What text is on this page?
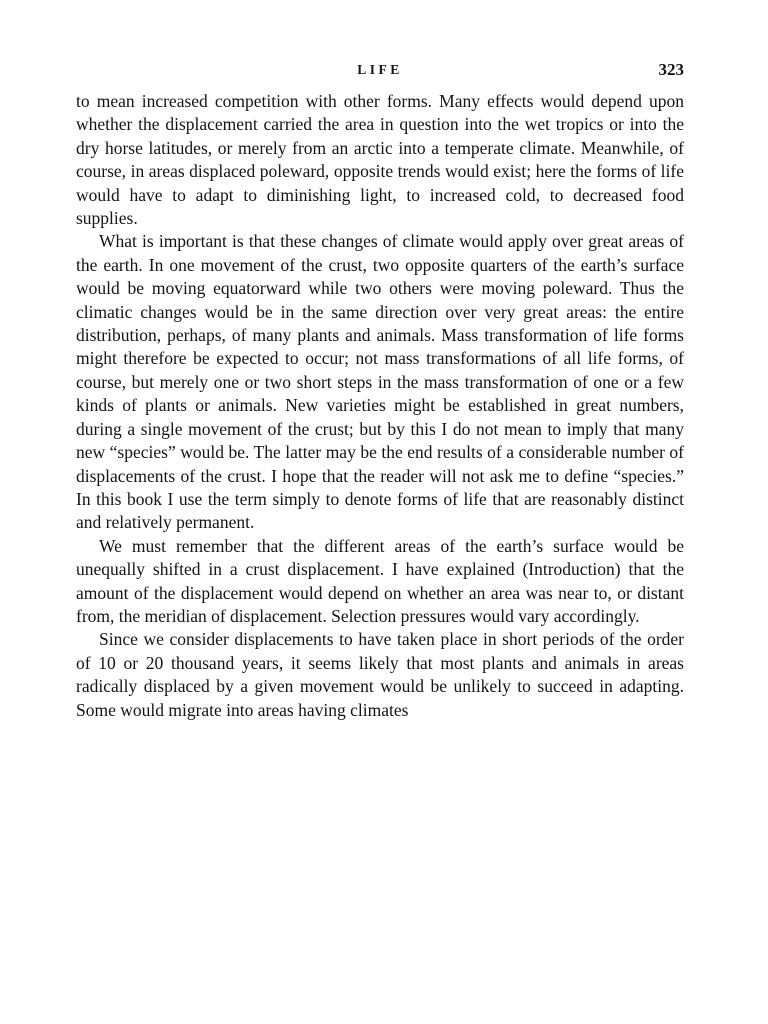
LIFE	323

to mean increased competition with other forms. Many effects would depend upon whether the displacement carried the area in question into the wet tropics or into the dry horse latitudes, or merely from an arctic into a temperate climate. Meanwhile, of course, in areas displaced poleward, opposite trends would exist; here the forms of life would have to adapt to diminishing light, to increased cold, to decreased food supplies.

What is important is that these changes of climate would apply over great areas of the earth. In one movement of the crust, two opposite quarters of the earth’s surface would be moving equatorward while two others were moving poleward. Thus the climatic changes would be in the same direction over very great areas: the entire distribution, perhaps, of many plants and animals. Mass transformation of life forms might therefore be expected to occur; not mass transformations of all life forms, of course, but merely one or two short steps in the mass transformation of one or a few kinds of plants or animals. New varieties might be established in great numbers, during a single movement of the crust; but by this I do not mean to imply that many new “species” would be. The latter may be the end results of a considerable number of displacements of the crust. I hope that the reader will not ask me to define “species.” In this book I use the term simply to denote forms of life that are reasonably distinct and relatively permanent.

We must remember that the different areas of the earth’s surface would be unequally shifted in a crust displacement. I have explained (Introduction) that the amount of the displacement would depend on whether an area was near to, or distant from, the meridian of displacement. Selection pressures would vary accordingly.

Since we consider displacements to have taken place in short periods of the order of 10 or 20 thousand years, it seems likely that most plants and animals in areas radically displaced by a given movement would be unlikely to succeed in adapting. Some would migrate into areas having climates
